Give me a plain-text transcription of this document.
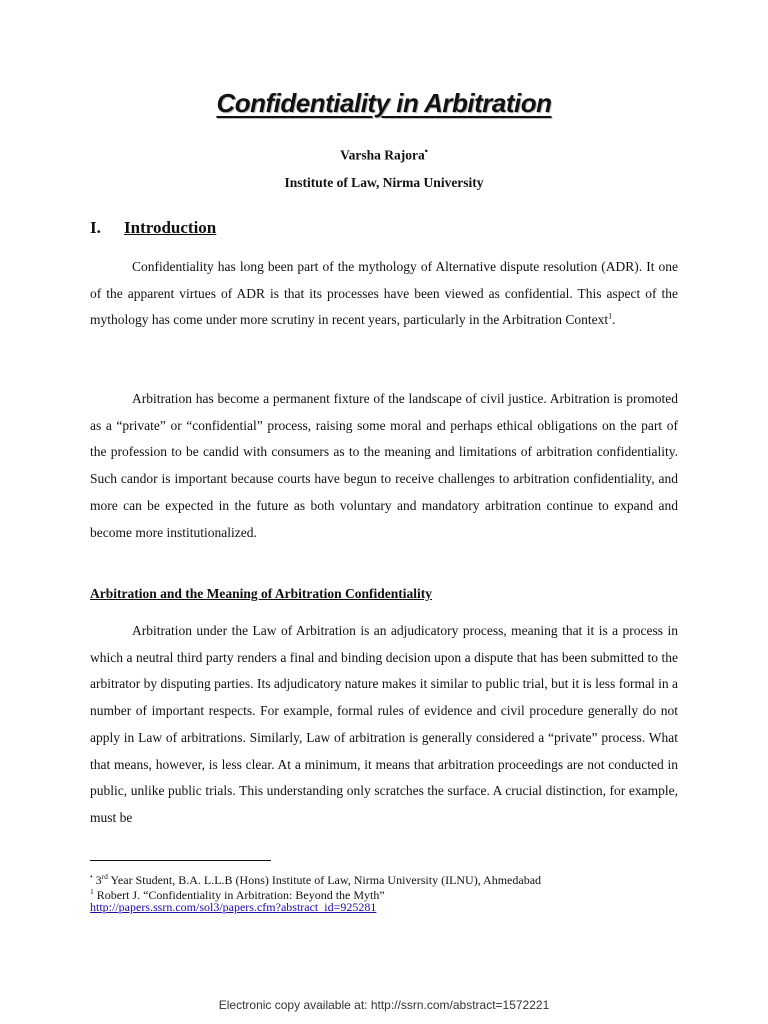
Confidentiality in Arbitration
Varsha Rajora•
Institute of Law, Nirma University
I. Introduction

Confidentiality has long been part of the mythology of Alternative dispute resolution (ADR). It one of the apparent virtues of ADR is that its processes have been viewed as confidential. This aspect of the mythology has come under more scrutiny in recent years, particularly in the Arbitration Context$^1$.

Arbitration has become a permanent fixture of the landscape of civil justice. Arbitration is promoted as a “private” or “confidential” process, raising some moral and perhaps ethical obligations on the part of the profession to be candid with consumers as to the meaning and limitations of arbitration confidentiality. Such candor is important because courts have begun to receive challenges to arbitration confidentiality, and more can be expected in the future as both voluntary and mandatory arbitration continue to expand and become more institutionalized.

Arbitration and the Meaning of Arbitration Confidentiality

Arbitration under the Law of Arbitration is an adjudicatory process, meaning that it is a process in which a neutral third party renders a final and binding decision upon a dispute that has been submitted to the arbitrator by disputing parties. Its adjudicatory nature makes it similar to public trial, but it is less formal in a number of important respects. For example, formal rules of evidence and civil procedure generally do not apply in Law of arbitrations. Similarly, Law of arbitration is generally considered a “private” process. What that means, however, is less clear. At a minimum, it means that arbitration proceedings are not conducted in public, unlike public trials. This understanding only scratches the surface. A crucial distinction, for example, must be

• 3rd Year Student, B.A. L.L.B (Hons) Institute of Law, Nirma University (ILNU), Ahmedabad
$^1$ Robert J. “Confidentiality in Arbitration: Beyond the Myth”
http://papers.ssrn.com/sol3/papers.cfm?abstract_id=925281
Electronic copy available at: http://ssrn.com/abstract=1572221
